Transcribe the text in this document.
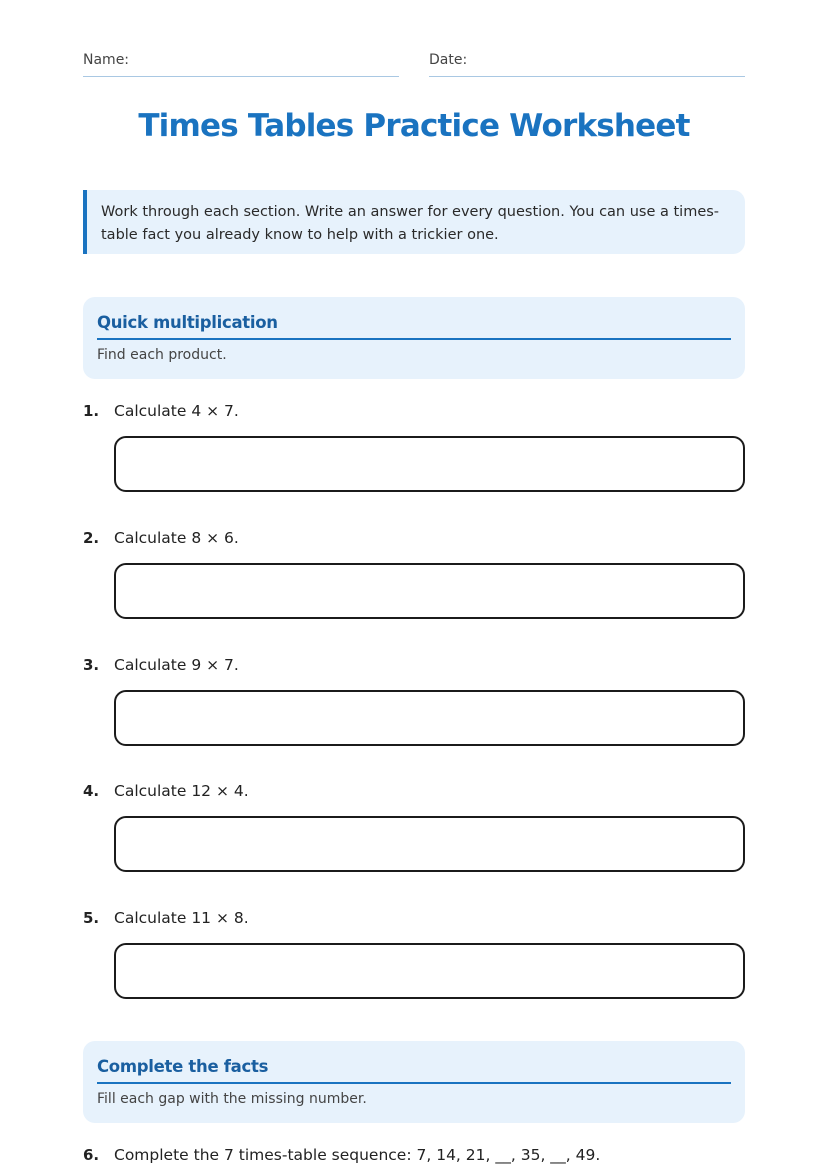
Name:	Date:
Times Tables Practice Worksheet
Work through each section. Write an answer for every question. You can use a times-table fact you already know to help with a trickier one.
Quick multiplication
Find each product.
1. Calculate 4 × 7.
2. Calculate 8 × 6.
3. Calculate 9 × 7.
4. Calculate 12 × 4.
5. Calculate 11 × 8.
Complete the facts
Fill each gap with the missing number.
6. Complete the 7 times-table sequence: 7, 14, 21, __, 35, __, 49.
